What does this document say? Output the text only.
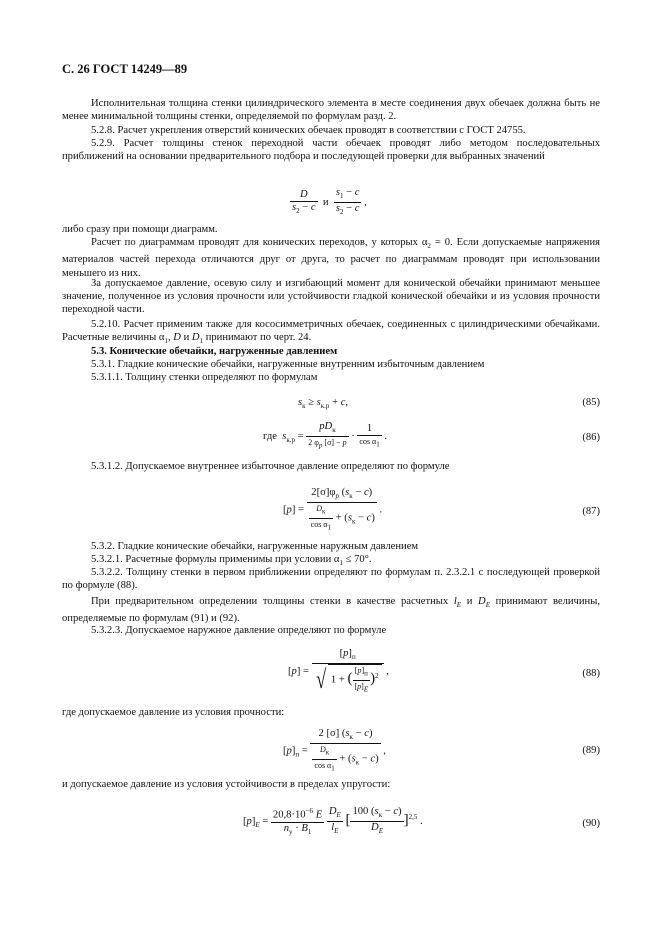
С. 26 ГОСТ 14249—89

Исполнительная толщина стенки цилиндрического элемента в месте соединения двух обечаек должна быть не менее минимальной толщины стенки, определяемой по формулам разд. 2.

5.2.8. Расчет укрепления отверстий конических обечаек проводят в соответствии с ГОСТ 24755.

5.2.9. Расчет толщины стенок переходной части обечаек проводят либо методом последовательных приближений на основании предварительного подбора и последующей проверки для выбранных значений

$\frac{D}{s_2 - c}$ и $\frac{s_1 - c}{s_2 - c}$ ,

либо сразу при помощи диаграмм.

Расчет по диаграммам проводят для конических переходов, у которых $\alpha_2 = 0$. Если допускаемые напряжения материалов частей перехода отличаются друг от друга, то расчет по диаграммам проводят при использовании меньшего из них.

За допускаемое давление, осевую силу и изгибающий момент для конической обечайки принимают меньшее значение, полученное из условия прочности или устойчивости гладкой конической обечайки и из условия прочности переходной части.

5.2.10. Расчет применим также для кососимметричных обечаек, соединенных с цилиндрическими обечайками. Расчетные величины $\alpha_1$, D и $D_1$ принимают по черт. 24.

5.3. Конические обечайки, нагруженные давлением

5.3.1. Гладкие конические обечайки, нагруженные внутренним избыточным давлением

5.3.1.1. Толщину стенки определяют по формулам

$s_к \ge s_{к.р} + c$,	(85)
где $s_{к.р} = \frac{pD_к}{2 \varphi_p [\sigma] - p} \cdot \frac{1}{\cos \alpha_1}$ .	(86)

5.3.1.2. Допускаемое внутреннее избыточное давление определяют по формуле

$[p] = \frac{2[\sigma]\varphi_p (s_к - c)}{\frac{D_к}{\cos \alpha_1} + (s_к - c)}$ .	(87)

5.3.2. Гладкие конические обечайки, нагруженные наружным давлением

5.3.2.1. Расчетные формулы применимы при условии $\alpha_1 \le 70^\circ$.

5.3.2.2. Толщину стенки в первом приближении определяют по формулам п. 2.3.2.1 с последующей проверкой по формуле (88).

При предварительном определении толщины стенки в качестве расчетных $l_E$ и $D_E$ принимают величины, определяемые по формулам (91) и (92).

5.3.2.3. Допускаемое наружное давление определяют по формуле

$[p] = \frac{[p]_п}{√ 1 + ( \frac{[p]_п}{[p]_E} )^2}$ ,	(88)

где допускаемое давление из условия прочности:

$[p]_п = \frac{2 [\sigma] (s_к - c)}{\frac{D_к}{\cos \alpha_1} + (s_к - c)}$ ,	(89)

и допускаемое давление из условия устойчивости в пределах упругости:

$[p]_E = \frac{20,8\cdot 10^{-6} E}{n_y \cdot B_1}$
$\frac{D_E}{l_E}$ [ $\frac{100 (s_к - c)}{D_E} ]^{2,5}$ .	(90)
